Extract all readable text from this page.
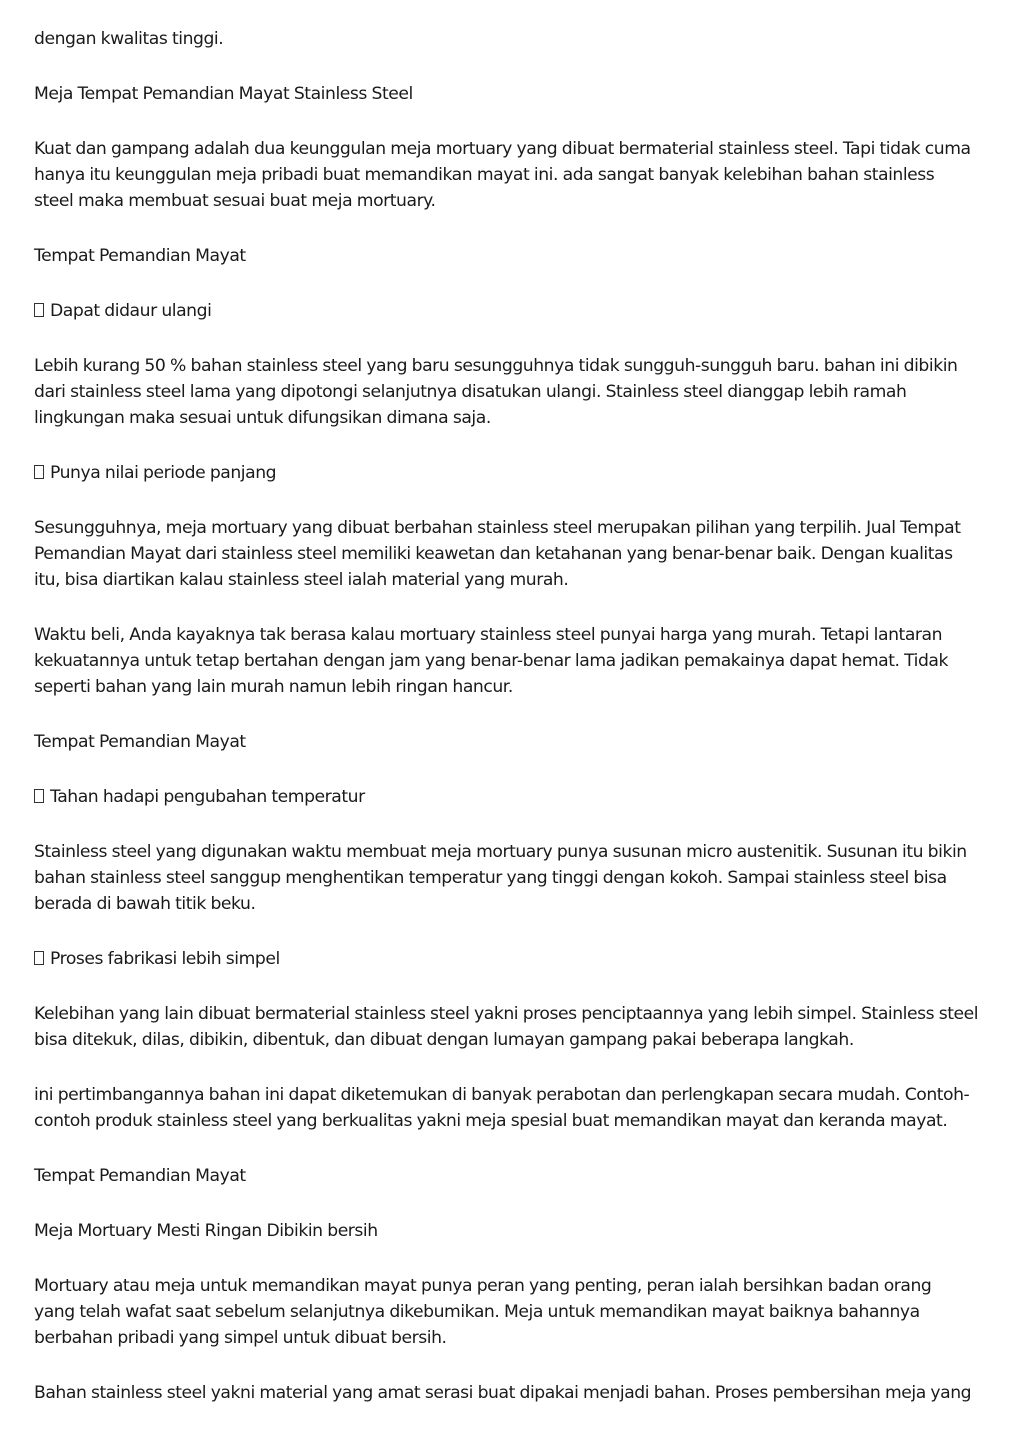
dengan kwalitas tinggi.
Meja Tempat Pemandian Mayat Stainless Steel
Kuat dan gampang adalah dua keunggulan meja mortuary yang dibuat bermaterial stainless steel. Tapi tidak cuma
hanya itu keunggulan meja pribadi buat memandikan mayat ini. ada sangat banyak kelebihan bahan stainless
steel maka membuat sesuai buat meja mortuary.
Tempat Pemandian Mayat
Dapat didaur ulangi
Lebih kurang 50 % bahan stainless steel yang baru sesungguhnya tidak sungguh-sungguh baru. bahan ini dibikin
dari stainless steel lama yang dipotongi selanjutnya disatukan ulangi. Stainless steel dianggap lebih ramah
lingkungan maka sesuai untuk difungsikan dimana saja.
Punya nilai periode panjang
Sesungguhnya, meja mortuary yang dibuat berbahan stainless steel merupakan pilihan yang terpilih. Jual Tempat
Pemandian Mayat dari stainless steel memiliki keawetan dan ketahanan yang benar-benar baik. Dengan kualitas
itu, bisa diartikan kalau stainless steel ialah material yang murah.
Waktu beli, Anda kayaknya tak berasa kalau mortuary stainless steel punyai harga yang murah. Tetapi lantaran
kekuatannya untuk tetap bertahan dengan jam yang benar-benar lama jadikan pemakainya dapat hemat. Tidak
seperti bahan yang lain murah namun lebih ringan hancur.
Tempat Pemandian Mayat
Tahan hadapi pengubahan temperatur
Stainless steel yang digunakan waktu membuat meja mortuary punya susunan micro austenitik. Susunan itu bikin
bahan stainless steel sanggup menghentikan temperatur yang tinggi dengan kokoh. Sampai stainless steel bisa
berada di bawah titik beku.
Proses fabrikasi lebih simpel
Kelebihan yang lain dibuat bermaterial stainless steel yakni proses penciptaannya yang lebih simpel. Stainless steel
bisa ditekuk, dilas, dibikin, dibentuk, dan dibuat dengan lumayan gampang pakai beberapa langkah.
ini pertimbangannya bahan ini dapat diketemukan di banyak perabotan dan perlengkapan secara mudah. Contoh-
contoh produk stainless steel yang berkualitas yakni meja spesial buat memandikan mayat dan keranda mayat.
Tempat Pemandian Mayat
Meja Mortuary Mesti Ringan Dibikin bersih
Mortuary atau meja untuk memandikan mayat punya peran yang penting, peran ialah bersihkan badan orang
yang telah wafat saat sebelum selanjutnya dikebumikan. Meja untuk memandikan mayat baiknya bahannya
berbahan pribadi yang simpel untuk dibuat bersih.
Bahan stainless steel yakni material yang amat serasi buat dipakai menjadi bahan. Proses pembersihan meja yang
